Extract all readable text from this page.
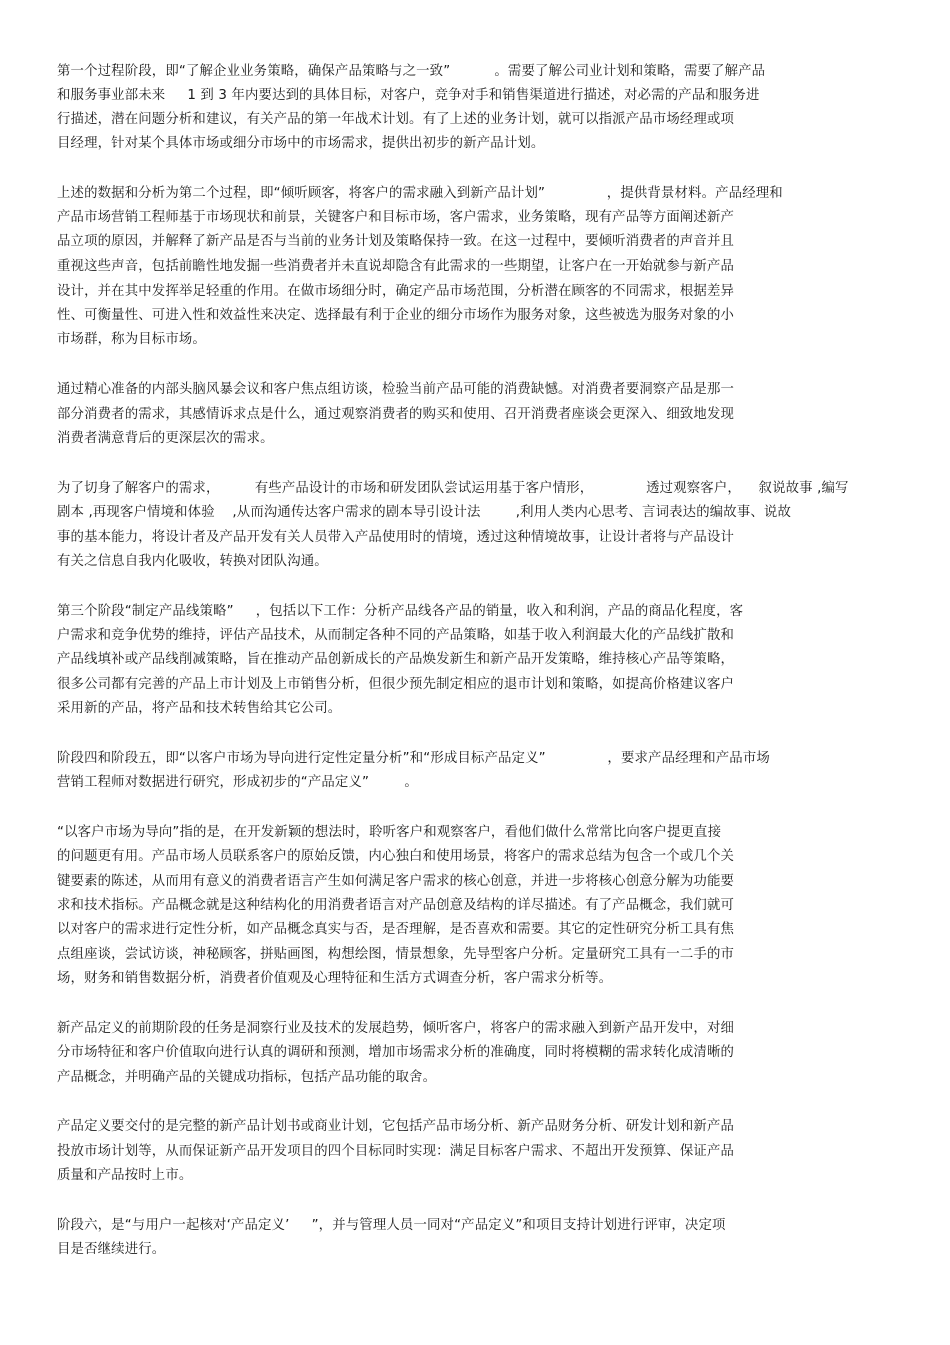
第一个过程阶段，即“了解企业业务策略，确保产品策略与之一致”          。需要了解公司业计划和策略，需要了解产品
和服务事业部未来     1 到 3 年内要达到的具体目标，对客户，竞争对手和销售渠道进行描述，对必需的产品和服务进
行描述，潜在问题分析和建议，有关产品的第一年战术计划。有了上述的业务计划，就可以指派产品市场经理或项
目经理，针对某个具体市场或细分市场中的市场需求，提供出初步的新产品计划。
上述的数据和分析为第二个过程，即“倾听顾客，将客户的需求融入到新产品计划”              ，提供背景材料。产品经理和
产品市场营销工程师基于市场现状和前景，关键客户和目标市场，客户需求，业务策略，现有产品等方面阐述新产
品立项的原因，并解释了新产品是否与当前的业务计划及策略保持一致。在这一过程中，要倾听消费者的声音并且
重视这些声音，包括前瞻性地发掘一些消费者并未直说却隐含有此需求的一些期望，让客户在一开始就参与新产品
设计，并在其中发挥举足轻重的作用。在做市场细分时，确定产品市场范围，分析潜在顾客的不同需求，根据差异
性、可衡量性、可进入性和效益性来决定、选择最有利于企业的细分市场作为服务对象，这些被选为服务对象的小
市场群，称为目标市场。
通过精心准备的内部头脑风暴会议和客户焦点组访谈，检验当前产品可能的消费缺憾。对消费者要洞察产品是那一
部分消费者的需求，其感情诉求点是什么，通过观察消费者的购买和使用、召开消费者座谈会更深入、细致地发现
消费者满意背后的更深层次的需求。
为了切身了解客户的需求，        有些产品设计的市场和研发团队尝试运用基于客户情形，            透过观察客户，    叙说故事 ,编写
剧本 ,再现客户情境和体验    ,从而沟通传达客户需求的剧本导引设计法        ,利用人类内心思考、言词表达的编故事、说故
事的基本能力，将设计者及产品开发有关人员带入产品使用时的情境，透过这种情境故事，让设计者将与产品设计
有关之信息自我内化吸收，转换对团队沟通。
第三个阶段“制定产品线策略”     ，包括以下工作：分析产品线各产品的销量，收入和利润，产品的商品化程度，客
户需求和竞争优势的维持，评估产品技术，从而制定各种不同的产品策略，如基于收入利润最大化的产品线扩散和
产品线填补或产品线削减策略，旨在推动产品创新成长的产品焕发新生和新产品开发策略，维持核心产品等策略，
很多公司都有完善的产品上市计划及上市销售分析，但很少预先制定相应的退市计划和策略，如提高价格建议客户
采用新的产品，将产品和技术转售给其它公司。
阶段四和阶段五，即“以客户市场为导向进行定性定量分析”和“形成目标产品定义”              ，要求产品经理和产品市场
营销工程师对数据进行研究，形成初步的“产品定义”        。
“以客户市场为导向”指的是，在开发新颖的想法时，聆听客户和观察客户，看他们做什么常常比向客户提更直接
的问题更有用。产品市场人员联系客户的原始反馈，内心独白和使用场景，将客户的需求总结为包含一个或几个关
键要素的陈述，从而用有意义的消费者语言产生如何满足客户需求的核心创意，并进一步将核心创意分解为功能要
求和技术指标。产品概念就是这种结构化的用消费者语言对产品创意及结构的详尽描述。有了产品概念，我们就可
以对客户的需求进行定性分析，如产品概念真实与否，是否理解，是否喜欢和需要。其它的定性研究分析工具有焦
点组座谈，尝试访谈，神秘顾客，拼贴画图，构想绘图，情景想象，先导型客户分析。定量研究工具有一二手的市
场，财务和销售数据分析，消费者价值观及心理特征和生活方式调查分析，客户需求分析等。
新产品定义的前期阶段的任务是洞察行业及技术的发展趋势，倾听客户，将客户的需求融入到新产品开发中，对细
分市场特征和客户价值取向进行认真的调研和预测，增加市场需求分析的准确度，同时将模糊的需求转化成清晰的
产品概念，并明确产品的关键成功指标，包括产品功能的取舍。
产品定义要交付的是完整的新产品计划书或商业计划，它包括产品市场分析、新产品财务分析、研发计划和新产品
投放市场计划等，从而保证新产品开发项目的四个目标同时实现：满足目标客户需求、不超出开发预算、保证产品
质量和产品按时上市。
阶段六，是“与用户一起核对‘产品定义’     ”，并与管理人员一同对“产品定义”和项目支持计划进行评审，决定项
目是否继续进行。
